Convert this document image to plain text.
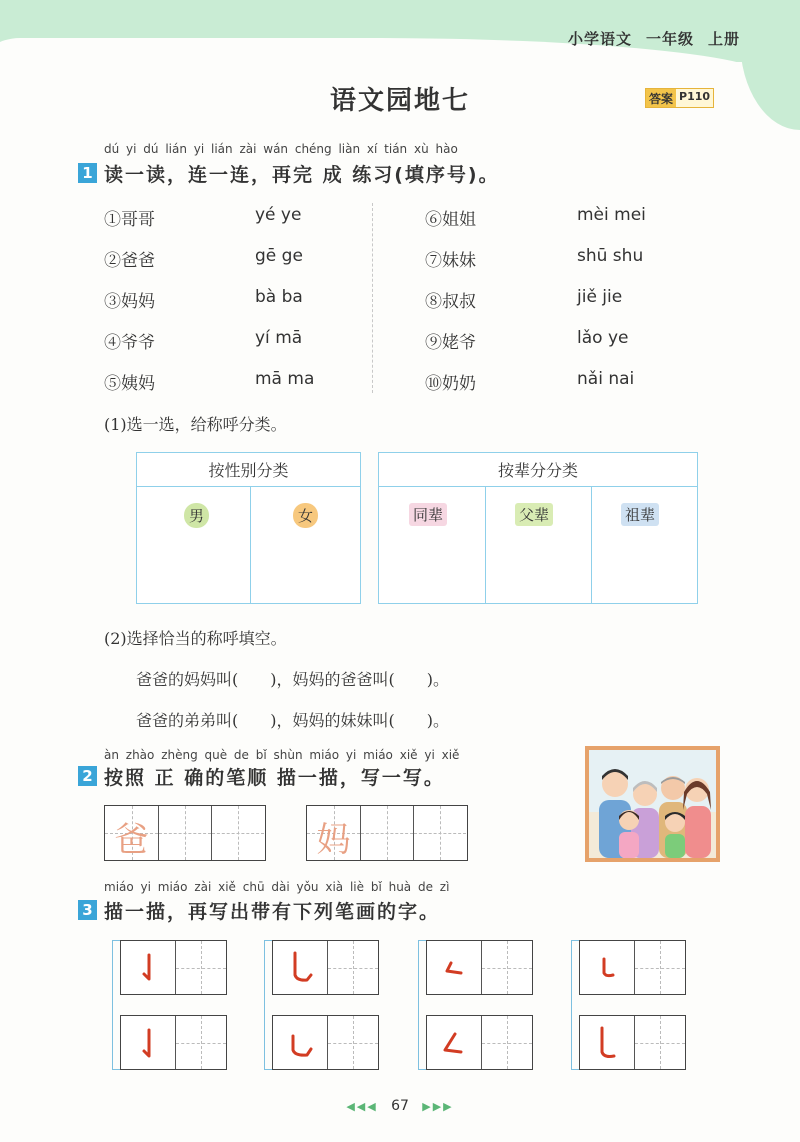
小学语文 一年级 上册
语文园地七	答案 P110
dú yi dú lián yi lián zài wán chéng liàn xí tián xù hào
1 读一读，连一连，再完 成 练习(填序号)。
①哥哥	yé ye
②爸爸	gē ge
③妈妈	bà ba
④爷爷	yí mā
⑤姨妈	mā ma
⑥姐姐	mèi mei
⑦妹妹	shū shu
⑧叔叔	jiě jie
⑨姥爷	lǎo ye
⑩奶奶	nǎi nai
(1)选一选，给称呼分类。
按性别分类
男	女
按辈分分类
同辈	父辈	祖辈
(2)选择恰当的称呼填空。
爸爸的妈妈叫(　　)，妈妈的爸爸叫(　　)。
爸爸的弟弟叫(　　)，妈妈的妹妹叫(　　)。
àn zhào zhèng què de bǐ shùn miáo yi miáo xiě yi xiě
2 按照 正 确的笔顺 描一描，写一写。
爸	妈
miáo yi miáo zài xiě chū dài yǒu xià liè bǐ huà de zì
3 描一描，再写出带有下列笔画的字。
◀◀◀ 67 ▶▶▶
